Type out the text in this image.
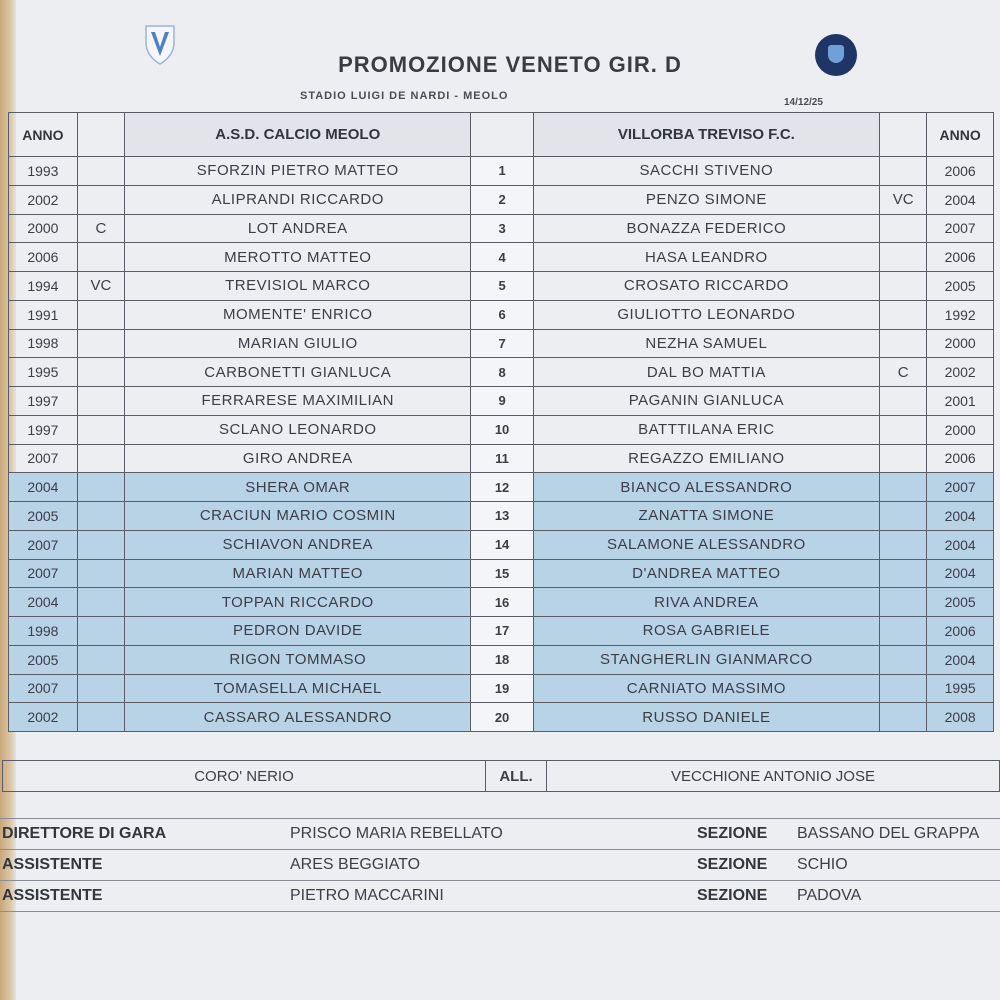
PROMOZIONE VENETO GIR. D
STADIO LUIGI DE NARDI - MEOLO
14/12/25
ANNO		A.S.D. CALCIO MEOLO		VILLORBA TREVISO F.C.		ANNO
1993		SFORZIN PIETRO MATTEO	1	SACCHI STIVENO		2006
2002		ALIPRANDI RICCARDO	2	PENZO SIMONE	VC	2004
2000	C	LOT ANDREA	3	BONAZZA FEDERICO		2007
2006		MEROTTO MATTEO	4	HASA LEANDRO		2006
1994	VC	TREVISIOL MARCO	5	CROSATO RICCARDO		2005
1991		MOMENTE' ENRICO	6	GIULIOTTO LEONARDO		1992
1998		MARIAN GIULIO	7	NEZHA SAMUEL		2000
1995		CARBONETTI GIANLUCA	8	DAL BO MATTIA	C	2002
1997		FERRARESE MAXIMILIAN	9	PAGANIN GIANLUCA		2001
1997		SCLANO LEONARDO	10	BATTTILANA ERIC		2000
2007		GIRO ANDREA	11	REGAZZO EMILIANO		2006
2004		SHERA OMAR	12	BIANCO ALESSANDRO		2007
2005		CRACIUN MARIO COSMIN	13	ZANATTA SIMONE		2004
2007		SCHIAVON ANDREA	14	SALAMONE ALESSANDRO		2004
2007		MARIAN MATTEO	15	D'ANDREA MATTEO		2004
2004		TOPPAN RICCARDO	16	RIVA ANDREA		2005
1998		PEDRON DAVIDE	17	ROSA GABRIELE		2006
2005		RIGON TOMMASO	18	STANGHERLIN GIANMARCO		2004
2007		TOMASELLA MICHAEL	19	CARNIATO MASSIMO		1995
2002		CASSARO ALESSANDRO	20	RUSSO DANIELE		2008
CORO' NERIO	ALL.	VECCHIONE ANTONIO JOSE
DIRETTORE DI GARA	PRISCO MARIA REBELLATO	SEZIONE BASSANO DEL GRAPPA
ASSISTENTE	ARES BEGGIATO	SEZIONE SCHIO
ASSISTENTE	PIETRO MACCARINI	SEZIONE PADOVA
